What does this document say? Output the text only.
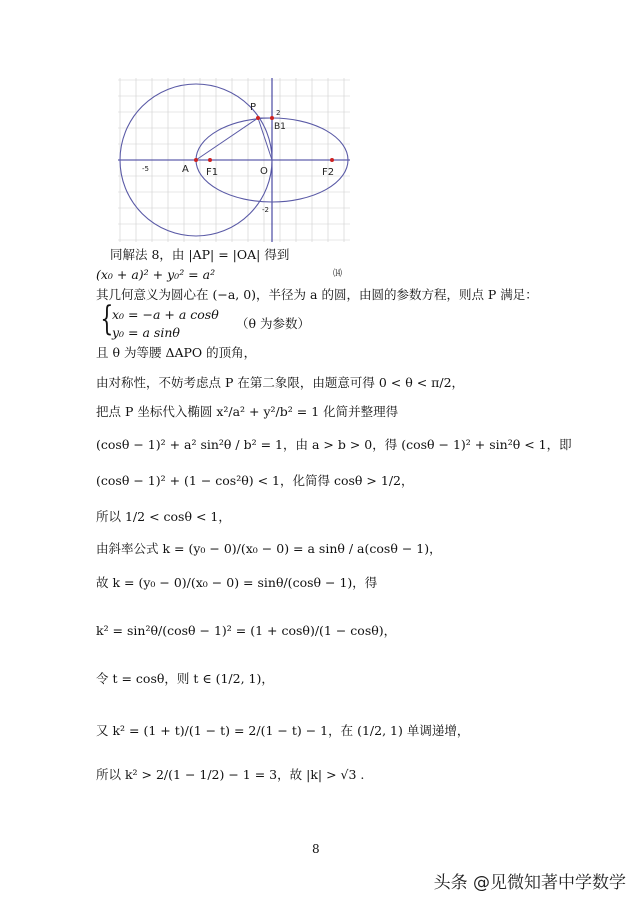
-5
2
-2
P
B1
A F1	O	F2
同解法 8，由 |AP| = |OA| 得到
(x₀ + a)² + y₀² = a²	⒁
其几何意义为圆心在 (−a, 0)，半径为 a 的圆，由圆的参数方程，则点 P 满足：
{
x₀ = −a + a cosθ
y₀ = a sinθ
（θ 为参数）
且 θ 为等腰 ΔAPO 的顶角，
由对称性，不妨考虑点 P 在第二象限，由题意可得 0 < θ < π/2，
把点 P 坐标代入椭圆 x²/a² + y²/b² = 1 化简并整理得
(cosθ − 1)² + a² sin²θ / b² = 1，由 a > b > 0，得 (cosθ − 1)² + sin²θ < 1，即
(cosθ − 1)² + (1 − cos²θ) < 1，化简得 cosθ > 1/2，
所以 1/2 < cosθ < 1，
由斜率公式 k = (y₀ − 0)/(x₀ − 0) = a sinθ / a(cosθ − 1)，
故 k = (y₀ − 0)/(x₀ − 0) = sinθ/(cosθ − 1)，得
k² = sin²θ/(cosθ − 1)² = (1 + cosθ)/(1 − cosθ)，
令 t = cosθ，则 t ∈ (1/2, 1)，
又 k² = (1 + t)/(1 − t) = 2/(1 − t) − 1，在 (1/2, 1) 单调递增，
所以 k² > 2/(1 − 1/2) − 1 = 3，故 |k| > √3 .
8
头条 @见微知著中学数学
